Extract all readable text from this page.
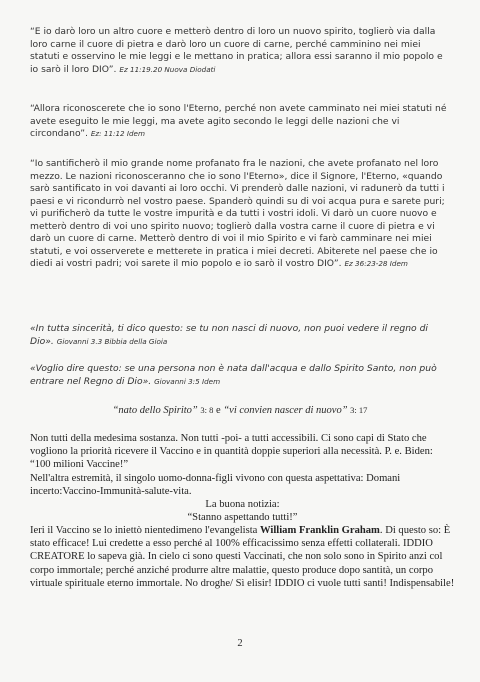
“E io darò loro un altro cuore e metterò dentro di loro un nuovo spirito, toglierò via dalla loro carne il cuore di pietra e darò loro un cuore di carne, perché camminino nei miei statuti e osservino le mie leggi e le mettano in pratica; allora essi saranno il mio popolo e io sarò il loro DIO”. Ez 11:19.20 Nuova Diodati
“Allora riconoscerete che io sono l'Eterno, perché non avete camminato nei miei statuti né avete eseguito le mie leggi, ma avete agito secondo le leggi delle nazioni che vi circondano”. Ez: 11:12 Idem
“Io santificherò il mio grande nome profanato fra le nazioni, che avete profanato nel loro mezzo. Le nazioni riconosceranno che io sono l'Eterno», dice il Signore, l'Eterno, «quando sarò santificato in voi davanti ai loro occhi. Vi prenderò dalle nazioni, vi radunerò da tutti i paesi e vi ricondurrò nel vostro paese. Spanderò quindi su di voi acqua pura e sarete puri; vi purificherò da tutte le vostre impurità e da tutti i vostri idoli. Vi darò un cuore nuovo e metterò dentro di voi uno spirito nuovo; toglierò dalla vostra carne il cuore di pietra e vi darò un cuore di carne. Metterò dentro di voi il mio Spirito e vi farò camminare nei miei statuti, e voi osserverete e metterete in pratica i miei decreti. Abiterete nel paese che io diedi ai vostri padri; voi sarete il mio popolo e io sarò il vostro DIO”. Ez 36:23-28 Idem
«In tutta sincerità, ti dico questo: se tu non nasci di nuovo, non puoi vedere il regno di Dio». Giovanni 3.3 Bibbia della Gioia
«Voglio dire questo: se una persona non è nata dall'acqua e dallo Spirito Santo, non può entrare nel Regno di Dio». Giovanni 3:5 Idem
“nato dello Spirito” 3: 8 e “vi convien nascer di nuovo” 3: 17
Non tutti della medesima sostanza. Non tutti -poi- a tutti accessibili. Ci sono capi di Stato che vogliono la priorità ricevere il Vaccino e in quantità doppie superiori alla necessità. P. e. Biden: “100 milioni Vaccine!”
Nell'altra estremità, il singolo uomo-donna-figli vivono con questa aspettativa: Domani incerto:Vaccino-Immunità-salute-vita.
La buona notizia:
“Stanno aspettando tutti!”
Ieri il Vaccino se lo iniettò nientedimeno l'evangelista William Franklin Graham. Di questo so: È stato efficace! Lui credette a esso perché al 100% efficacissimo senza effetti collaterali. IDDIO CREATORE lo sapeva già. In cielo ci sono questi Vaccinati, che non solo sono in Spirito anzi col corpo immortale; perché anziché produrre altre malattie, questo produce dopo santità, un corpo virtuale spirituale eterno immortale. No droghe/ Sì elisir! IDDIO ci vuole tutti santi! Indispensabile!
2
